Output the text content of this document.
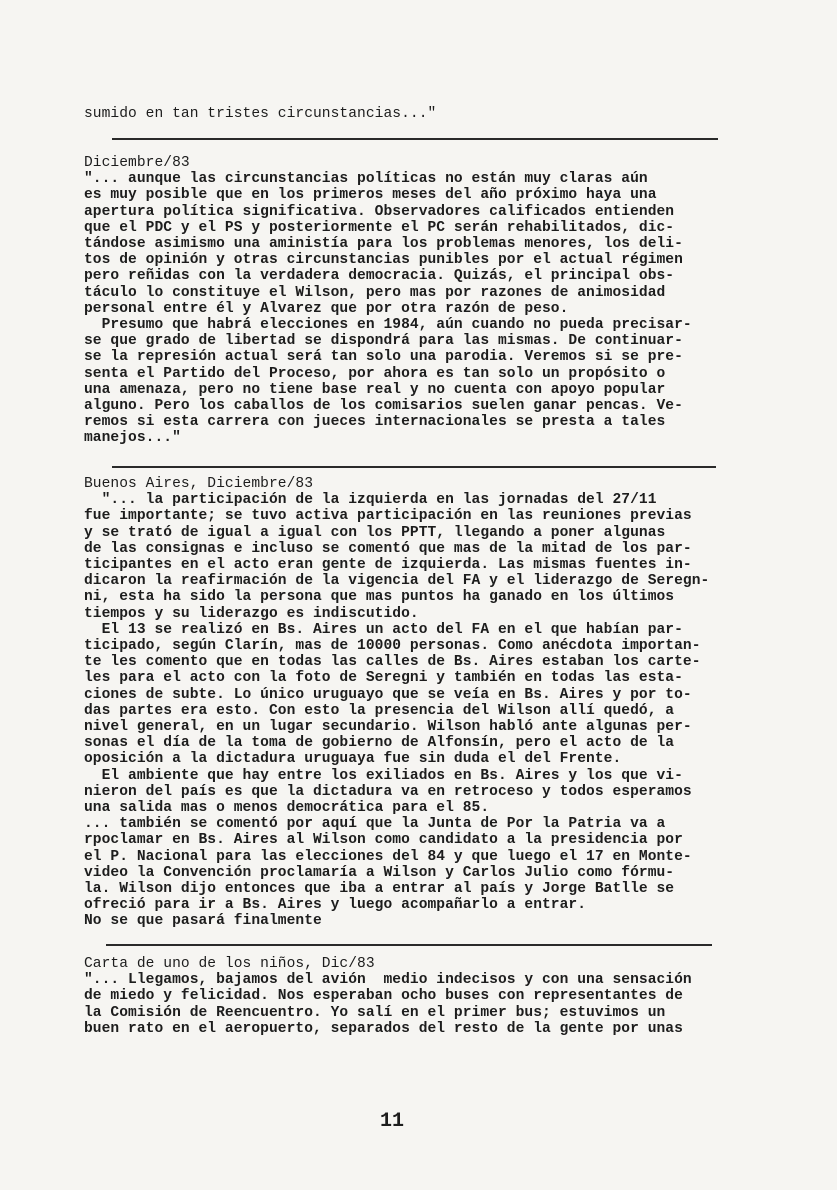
sumido en tan tristes circunstancias..."
Diciembre/83
"... aunque las circunstancias políticas no están muy claras aún
es muy posible que en los primeros meses del año próximo haya una
apertura política significativa. Observadores calificados entienden
que el PDC y el PS y posteriormente el PC serán rehabilitados, dic-
tándose asimismo una aministía para los problemas menores, los deli-
tos de opinión y otras circunstancias punibles por el actual régimen
pero reñidas con la verdadera democracia. Quizás, el principal obs-
táculo lo constituye el Wilson, pero mas por razones de animosidad
personal entre él y Alvarez que por otra razón de peso.
Presumo que habrá elecciones en 1984, aún cuando no pueda precisar-
se que grado de libertad se dispondrá para las mismas. De continuar-
se la represión actual será tan solo una parodia. Veremos si se pre-
senta el Partido del Proceso, por ahora es tan solo un propósito o
una amenaza, pero no tiene base real y no cuenta con apoyo popular
alguno. Pero los caballos de los comisarios suelen ganar pencas. Ve-
remos si esta carrera con jueces internacionales se presta a tales
manejos..."
Buenos Aires, Diciembre/83
"... la participación de la izquierda en las jornadas del 27/11
fue importante; se tuvo activa participación en las reuniones previas
y se trató de igual a igual con los PPTT, llegando a poner algunas
de las consignas e incluso se comentó que mas de la mitad de los par-
ticipantes en el acto eran gente de izquierda. Las mismas fuentes in-
dicaron la reafirmación de la vigencia del FA y el liderazgo de Seregn-
ni, esta ha sido la persona que mas puntos ha ganado en los últimos
tiempos y su liderazgo es indiscutido.
El 13 se realizó en Bs. Aires un acto del FA en el que habían par-
ticipado, según Clarín, mas de 10000 personas. Como anécdota importan-
te les comento que en todas las calles de Bs. Aires estaban los carte-
les para el acto con la foto de Seregni y también en todas las esta-
ciones de subte. Lo único uruguayo que se veía en Bs. Aires y por to-
das partes era esto. Con esto la presencia del Wilson allí quedó, a
nivel general, en un lugar secundario. Wilson habló ante algunas per-
sonas el día de la toma de gobierno de Alfonsín, pero el acto de la
oposición a la dictadura uruguaya fue sin duda el del Frente.
El ambiente que hay entre los exiliados en Bs. Aires y los que vi-
nieron del país es que la dictadura va en retroceso y todos esperamos
una salida mas o menos democrática para el 85.
... también se comentó por aquí que la Junta de Por la Patria va a
rpoclamar en Bs. Aires al Wilson como candidato a la presidencia por
el P. Nacional para las elecciones del 84 y que luego el 17 en Monte-
video la Convención proclamaría a Wilson y Carlos Julio como fórmu-
la. Wilson dijo entonces que iba a entrar al país y Jorge Batlle se
ofreció para ir a Bs. Aires y luego acompañarlo a entrar.
No se que pasará finalmente
Carta de uno de los niños, Dic/83
"... Llegamos, bajamos del avión  medio indecisos y con una sensación
de miedo y felicidad. Nos esperaban ocho buses con representantes de
la Comisión de Reencuentro. Yo salí en el primer bus; estuvimos un
buen rato en el aeropuerto, separados del resto de la gente por unas
11
